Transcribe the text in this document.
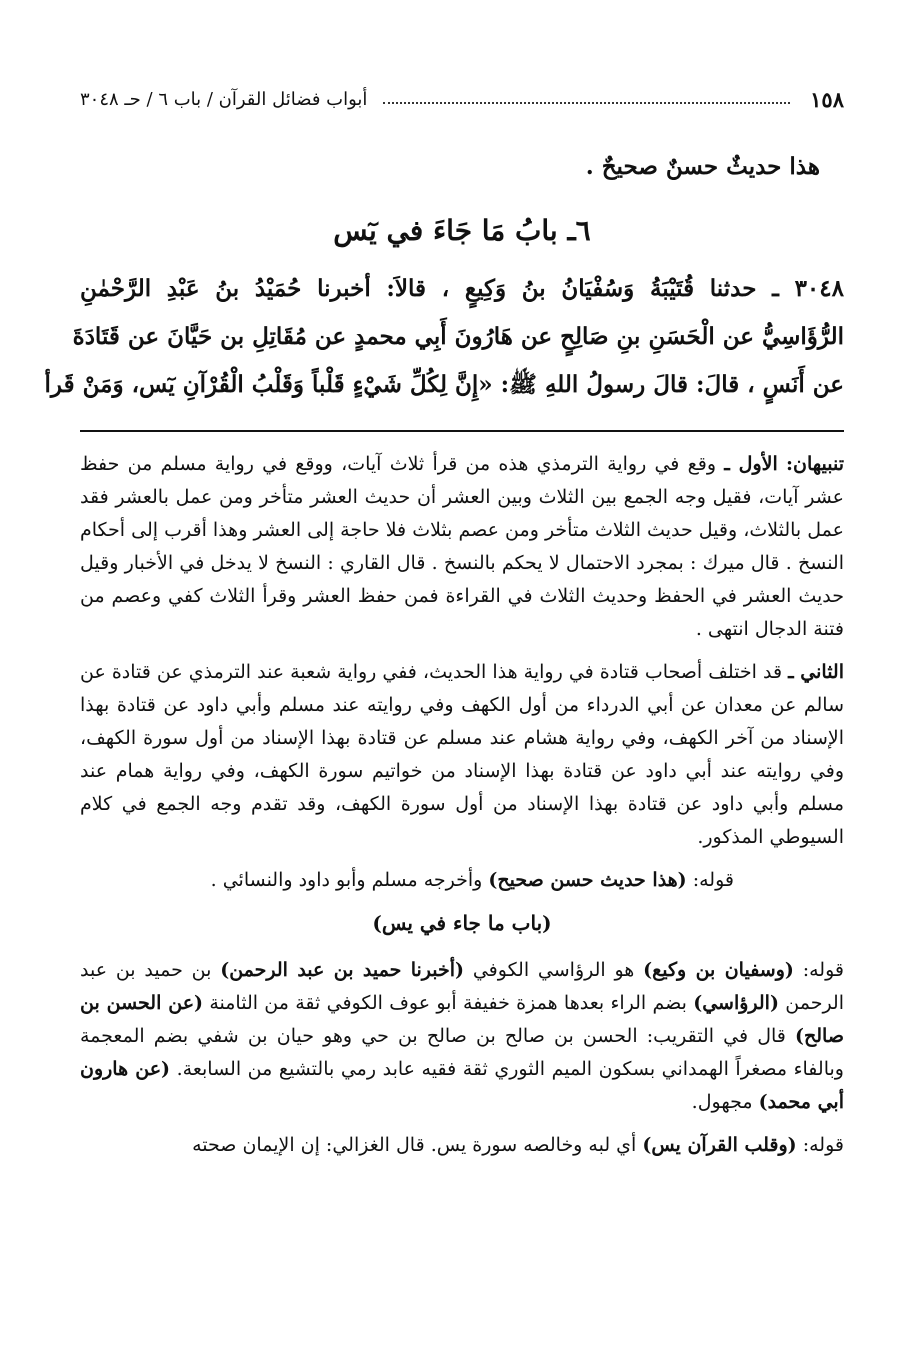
١٥٨
أبواب فضائل القرآن / باب ٦ / حـ ٣٠٤٨

هذا حديثٌ حسنٌ صحيحٌ .

٦ـ بابُ مَا جَاءَ في يٓس

٣٠٤٨ ـ حدثنا قُتَيْبَةُ وَسُفْيَانُ بنُ وَكِيعٍ ، قالاَ: أخبرنا حُمَيْدُ بنُ عَبْدِ الرَّحْمٰنِ

الرُّؤَاسِيُّ عن الْحَسَنِ بنِ صَالِحٍ عن هَارُونَ أَبِي محمدٍ عن مُقَاتِلِ بن حَيَّانَ عن قَتَادَةَ

عن أَنَسٍ ، قالَ: قالَ رسولُ اللهِ ﷺ: «إِنَّ لِكُلِّ شَيْءٍ قَلْباً وَقَلْبُ الْقُرْآنِ يٓس، وَمَنْ قَرأ

تنبيهان: الأول ـ وقع في رواية الترمذي هذه من قرأ ثلاث آيات، ووقع في رواية مسلم من حفظ عشر آيات، فقيل وجه الجمع بين الثلاث وبين العشر أن حديث العشر متأخر ومن عمل بالعشر فقد عمل بالثلاث، وقيل حديث الثلاث متأخر ومن عصم بثلاث فلا حاجة إلى العشر وهذا أقرب إلى أحكام النسخ . قال ميرك : بمجرد الاحتمال لا يحكم بالنسخ . قال القاري : النسخ لا يدخل في الأخبار وقيل حديث العشر في الحفظ وحديث الثلاث في القراءة فمن حفظ العشر وقرأ الثلاث كفي وعصم من فتنة الدجال انتهى .

الثاني ـ قد اختلف أصحاب قتادة في رواية هذا الحديث، ففي رواية شعبة عند الترمذي عن قتادة عن سالم عن معدان عن أبي الدرداء من أول الكهف وفي روايته عند مسلم وأبي داود عن قتادة بهذا الإسناد من آخر الكهف، وفي رواية هشام عند مسلم عن قتادة بهذا الإسناد من أول سورة الكهف، وفي روايته عند أبي داود عن قتادة بهذا الإسناد من خواتيم سورة الكهف، وفي رواية همام عند مسلم وأبي داود عن قتادة بهذا الإسناد من أول سورة الكهف، وقد تقدم وجه الجمع في كلام السيوطي المذكور.

قوله: (هذا حديث حسن صحيح) وأخرجه مسلم وأبو داود والنسائي .

(باب ما جاء في يس)

قوله: (وسفيان بن وكيع) هو الرؤاسي الكوفي (أخبرنا حميد بن عبد الرحمن) بن حميد بن عبد الرحمن (الرؤاسي) بضم الراء بعدها همزة خفيفة أبو عوف الكوفي ثقة من الثامنة (عن الحسن بن صالح) قال في التقريب: الحسن بن صالح بن صالح بن حي وهو حيان بن شفي بضم المعجمة وبالفاء مصغراً الهمداني بسكون الميم الثوري ثقة فقيه عابد رمي بالتشيع من السابعة. (عن هارون أبي محمد) مجهول.

قوله: (وقلب القرآن يس) أي لبه وخالصه سورة يس. قال الغزالي: إن الإيمان صحته
